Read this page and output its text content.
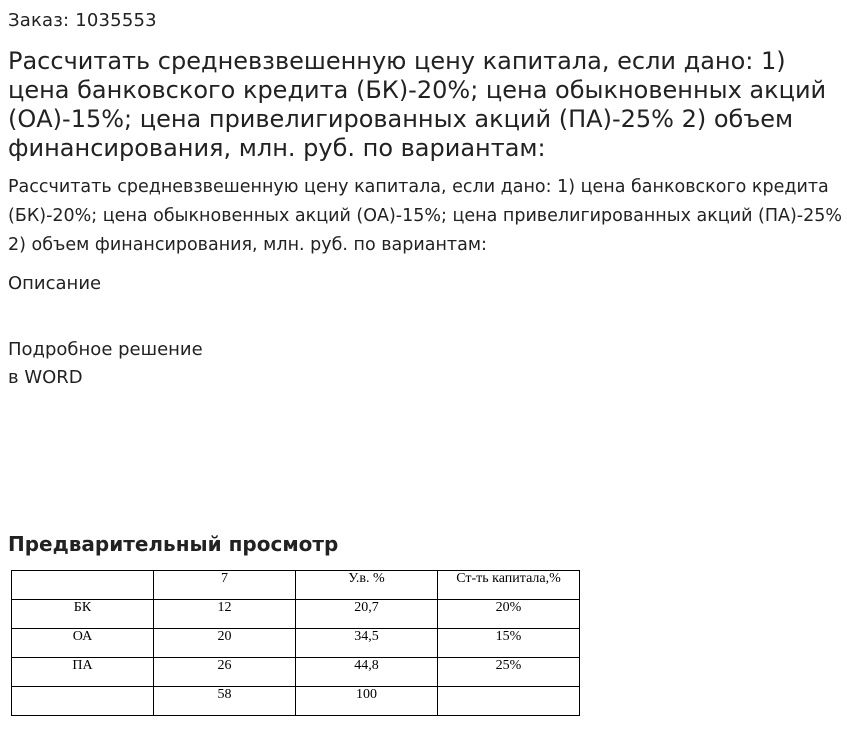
Заказ: 1035553
Рассчитать средневзвешенную цену капитала, если дано: 1) цена банковского кредита (БК)-20%; цена обыкновенных акций (ОА)-15%; цена привелигированных акций (ПА)-25% 2) объем финансирования, млн. руб. по вариантам:
Рассчитать средневзвешенную цену капитала, если дано: 1) цена банковского кредита (БК)-20%; цена обыкновенных акций (ОА)-15%; цена привелигированных акций (ПА)-25% 2) объем финансирования, млн. руб. по вариантам:
Описание
Подробное решение
в WORD
Предварительный просмотр
	7	У.в. %	Ст-ть капитала,%
БК	12	20,7	20%
ОА	20	34,5	15%
ПА	26	44,8	25%
	58	100	
